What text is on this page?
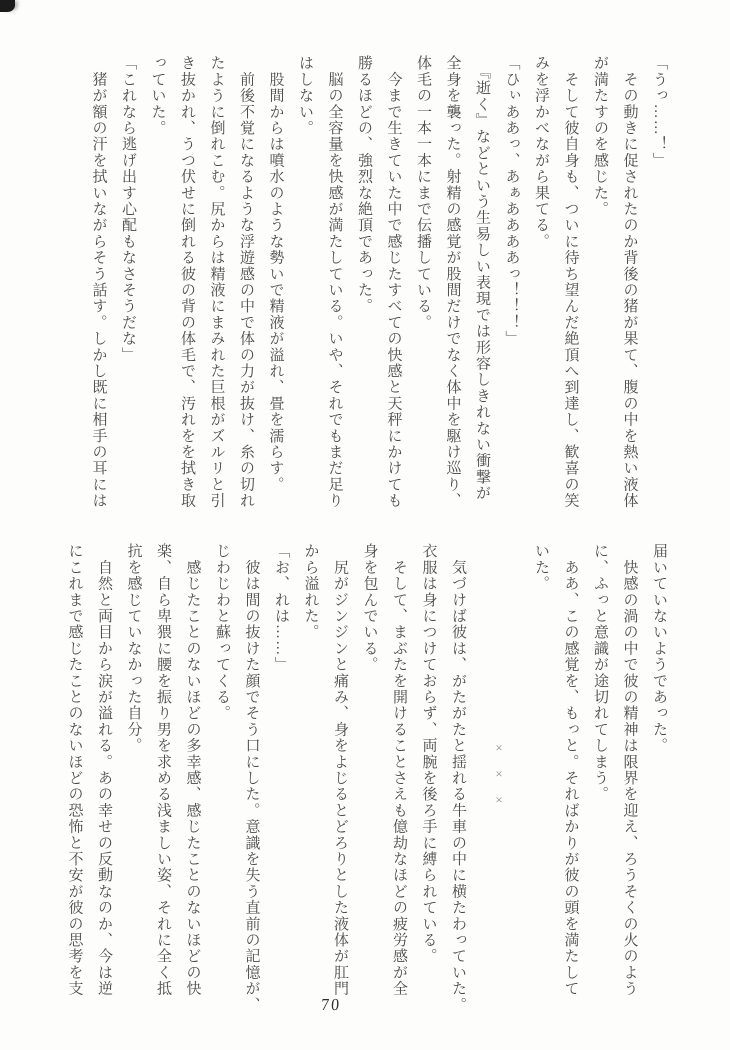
「うっ……！」
　その動きに促されたのか背後の猪が果て、腹の中を熱い液体
が満たすのを感じた。
　そして彼自身も、ついに待ち望んだ絶頂へ到達し、歓喜の笑
みを浮かべながら果てる。
「ひぃああっ、あぁああああっ！！！」
　『逝く』などという生易しい表現では形容しきれない衝撃が
全身を襲った。射精の感覚が股間だけでなく体中を駆け巡り、
体毛の一本一本にまで伝播している。
　今まで生きていた中で感じたすべての快感と天秤にかけても
勝るほどの、強烈な絶頂であった。
　脳の全容量を快感が満たしている。いや、それでもまだ足り
はしない。
　股間からは噴水のような勢いで精液が溢れ、畳を濡らす。
　前後不覚になるような浮遊感の中で体の力が抜け、糸の切れ
たように倒れこむ。尻からは精液にまみれた巨根がズルリと引
き抜かれ、うつ伏せに倒れる彼の背の体毛で、汚れをを拭き取
っていた。
「これなら逃げ出す心配もなさそうだな」
　猪が額の汗を拭いながらそう話す。しかし既に相手の耳には
届いていないようであった。
　快感の渦の中で彼の精神は限界を迎え、ろうそくの火のよう
に、ふっと意識が途切れてしまう。
　ああ、この感覚を、もっと。そればかりが彼の頭を満たして
いた。
×××
　気づけば彼は、がたがたと揺れる牛車の中に横たわっていた。
衣服は身につけておらず、両腕を後ろ手に縛られている。
　そして、まぶたを開けることさえも億劫なほどの疲労感が全
身を包んでいる。
　尻がジンジンと痛み、身をよじるとどろりとした液体が肛門
から溢れた。
「お、れは……」
　彼は間の抜けた顔でそう口にした。意識を失う直前の記憶が、
じわじわと蘇ってくる。
　感じたことのないほどの多幸感、感じたことのないほどの快
楽、自ら卑猥に腰を振り男を求める浅ましい姿、それに全く抵
抗を感じていなかった自分。
　自然と両目から涙が溢れる。あの幸せの反動なのか、今は逆
にこれまで感じたことのないほどの恐怖と不安が彼の思考を支
70
